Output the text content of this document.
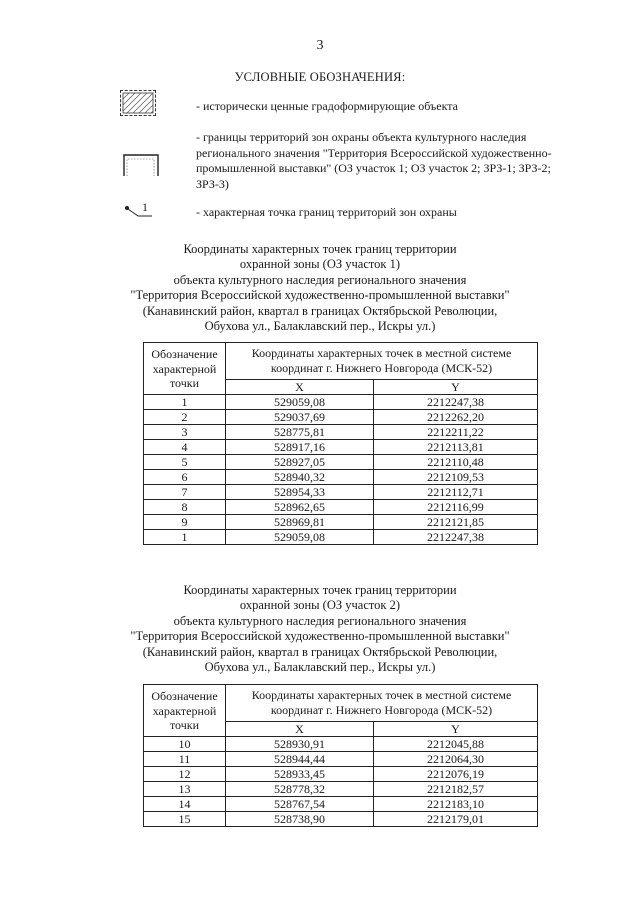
3
УСЛОВНЫЕ ОБОЗНАЧЕНИЯ:
- исторически ценные градоформирующие объекта
- границы территорий зон охраны объекта культурного наследия регионального значения "Территория Всероссийской художественно-промышленной выставки" (ОЗ участок 1; ОЗ участок 2; ЗРЗ-1; ЗРЗ-2; ЗРЗ-3)
1	- характерная точка границ территорий зон охраны
Координаты характерных точек границ территории
охранной зоны (ОЗ участок 1)
объекта культурного наследия регионального значения
"Территория Всероссийской художественно-промышленной выставки"
(Канавинский район, квартал в границах Октябрьской Революции,
Обухова ул., Балаклавский пер., Искры ул.)
Обозначение характерной точки	Координаты характерных точек в местной системе координат г. Нижнего Новгорода (МСК-52)	
	X	Y
1	529059,08	2212247,38
2	529037,69	2212262,20
3	528775,81	2212211,22
4	528917,16	2212113,81
5	528927,05	2212110,48
6	528940,32	2212109,53
7	528954,33	2212112,71
8	528962,65	2212116,99
9	528969,81	2212121,85
1	529059,08	2212247,38
Координаты характерных точек границ территории
охранной зоны (ОЗ участок 2)
объекта культурного наследия регионального значения
"Территория Всероссийской художественно-промышленной выставки"
(Канавинский район, квартал в границах Октябрьской Революции,
Обухова ул., Балаклавский пер., Искры ул.)
Обозначение характерной точки	Координаты характерных точек в местной системе координат г. Нижнего Новгорода (МСК-52)	
	X	Y
10	528930,91	2212045,88
11	528944,44	2212064,30
12	528933,45	2212076,19
13	528778,32	2212182,57
14	528767,54	2212183,10
15	528738,90	2212179,01
